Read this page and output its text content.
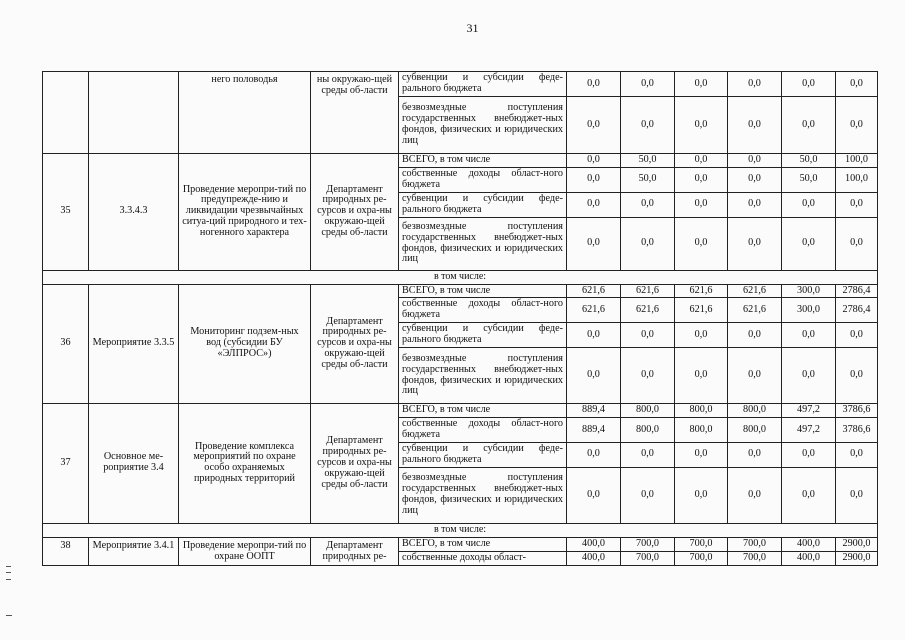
31
		него половодья	ны окружаю-щей среды об-ласти	субвенции и субсидии феде-рального бюджета	0,0	0,0	0,0	0,0	0,0	0,0
				безвозмездные поступления государственных внебюджет-ных фондов, физических и юридических лиц	0,0	0,0	0,0	0,0	0,0	0,0
35	3.3.4.3	Проведение меропри-тий по предупрежде-нию и ликвидации чрезвычайных ситуа-ций природного и тех-ногенного характера	Департамент природных ре-сурсов и охра-ны окружаю-щей среды об-ласти	ВСЕГО, в том числе	0,0	50,0	0,0	0,0	50,0	100,0
				собственные доходы област-ного бюджета	0,0	50,0	0,0	0,0	50,0	100,0
				субвенции и субсидии феде-рального бюджета	0,0	0,0	0,0	0,0	0,0	0,0
				безвозмездные поступления государственных внебюджет-ных фондов, физических и юридических лиц	0,0	0,0	0,0	0,0	0,0	0,0
в том числе:										
36	Мероприятие 3.3.5	Мониторинг подзем-ных вод (субсидии БУ «ЭЛПРОС»)	Департамент природных ре-сурсов и охра-ны окружаю-щей среды об-ласти	ВСЕГО, в том числе	621,6	621,6	621,6	621,6	300,0	2786,4
				собственные доходы област-ного бюджета	621,6	621,6	621,6	621,6	300,0	2786,4
				субвенции и субсидии феде-рального бюджета	0,0	0,0	0,0	0,0	0,0	0,0
				безвозмездные поступления государственных внебюджет-ных фондов, физических и юридических лиц	0,0	0,0	0,0	0,0	0,0	0,0
37	Основное ме-роприятие 3.4	Проведение комплекса мероприятий по охране особо охраняемых природных территорий	Департамент природных ре-сурсов и охра-ны окружаю-щей среды об-ласти	ВСЕГО, в том числе	889,4	800,0	800,0	800,0	497,2	3786,6
				собственные доходы област-ного бюджета	889,4	800,0	800,0	800,0	497,2	3786,6
				субвенции и субсидии феде-рального бюджета	0,0	0,0	0,0	0,0	0,0	0,0
				безвозмездные поступления государственных внебюджет-ных фондов, физических и юридических лиц	0,0	0,0	0,0	0,0	0,0	0,0
в том числе:										
38	Мероприятие 3.4.1	Проведение меропри-тий по охране ООПТ	Департамент природных ре-	ВСЕГО, в том числе	400,0	700,0	700,0	700,0	400,0	2900,0
				собственные доходы област-	400,0	700,0	700,0	700,0	400,0	2900,0
